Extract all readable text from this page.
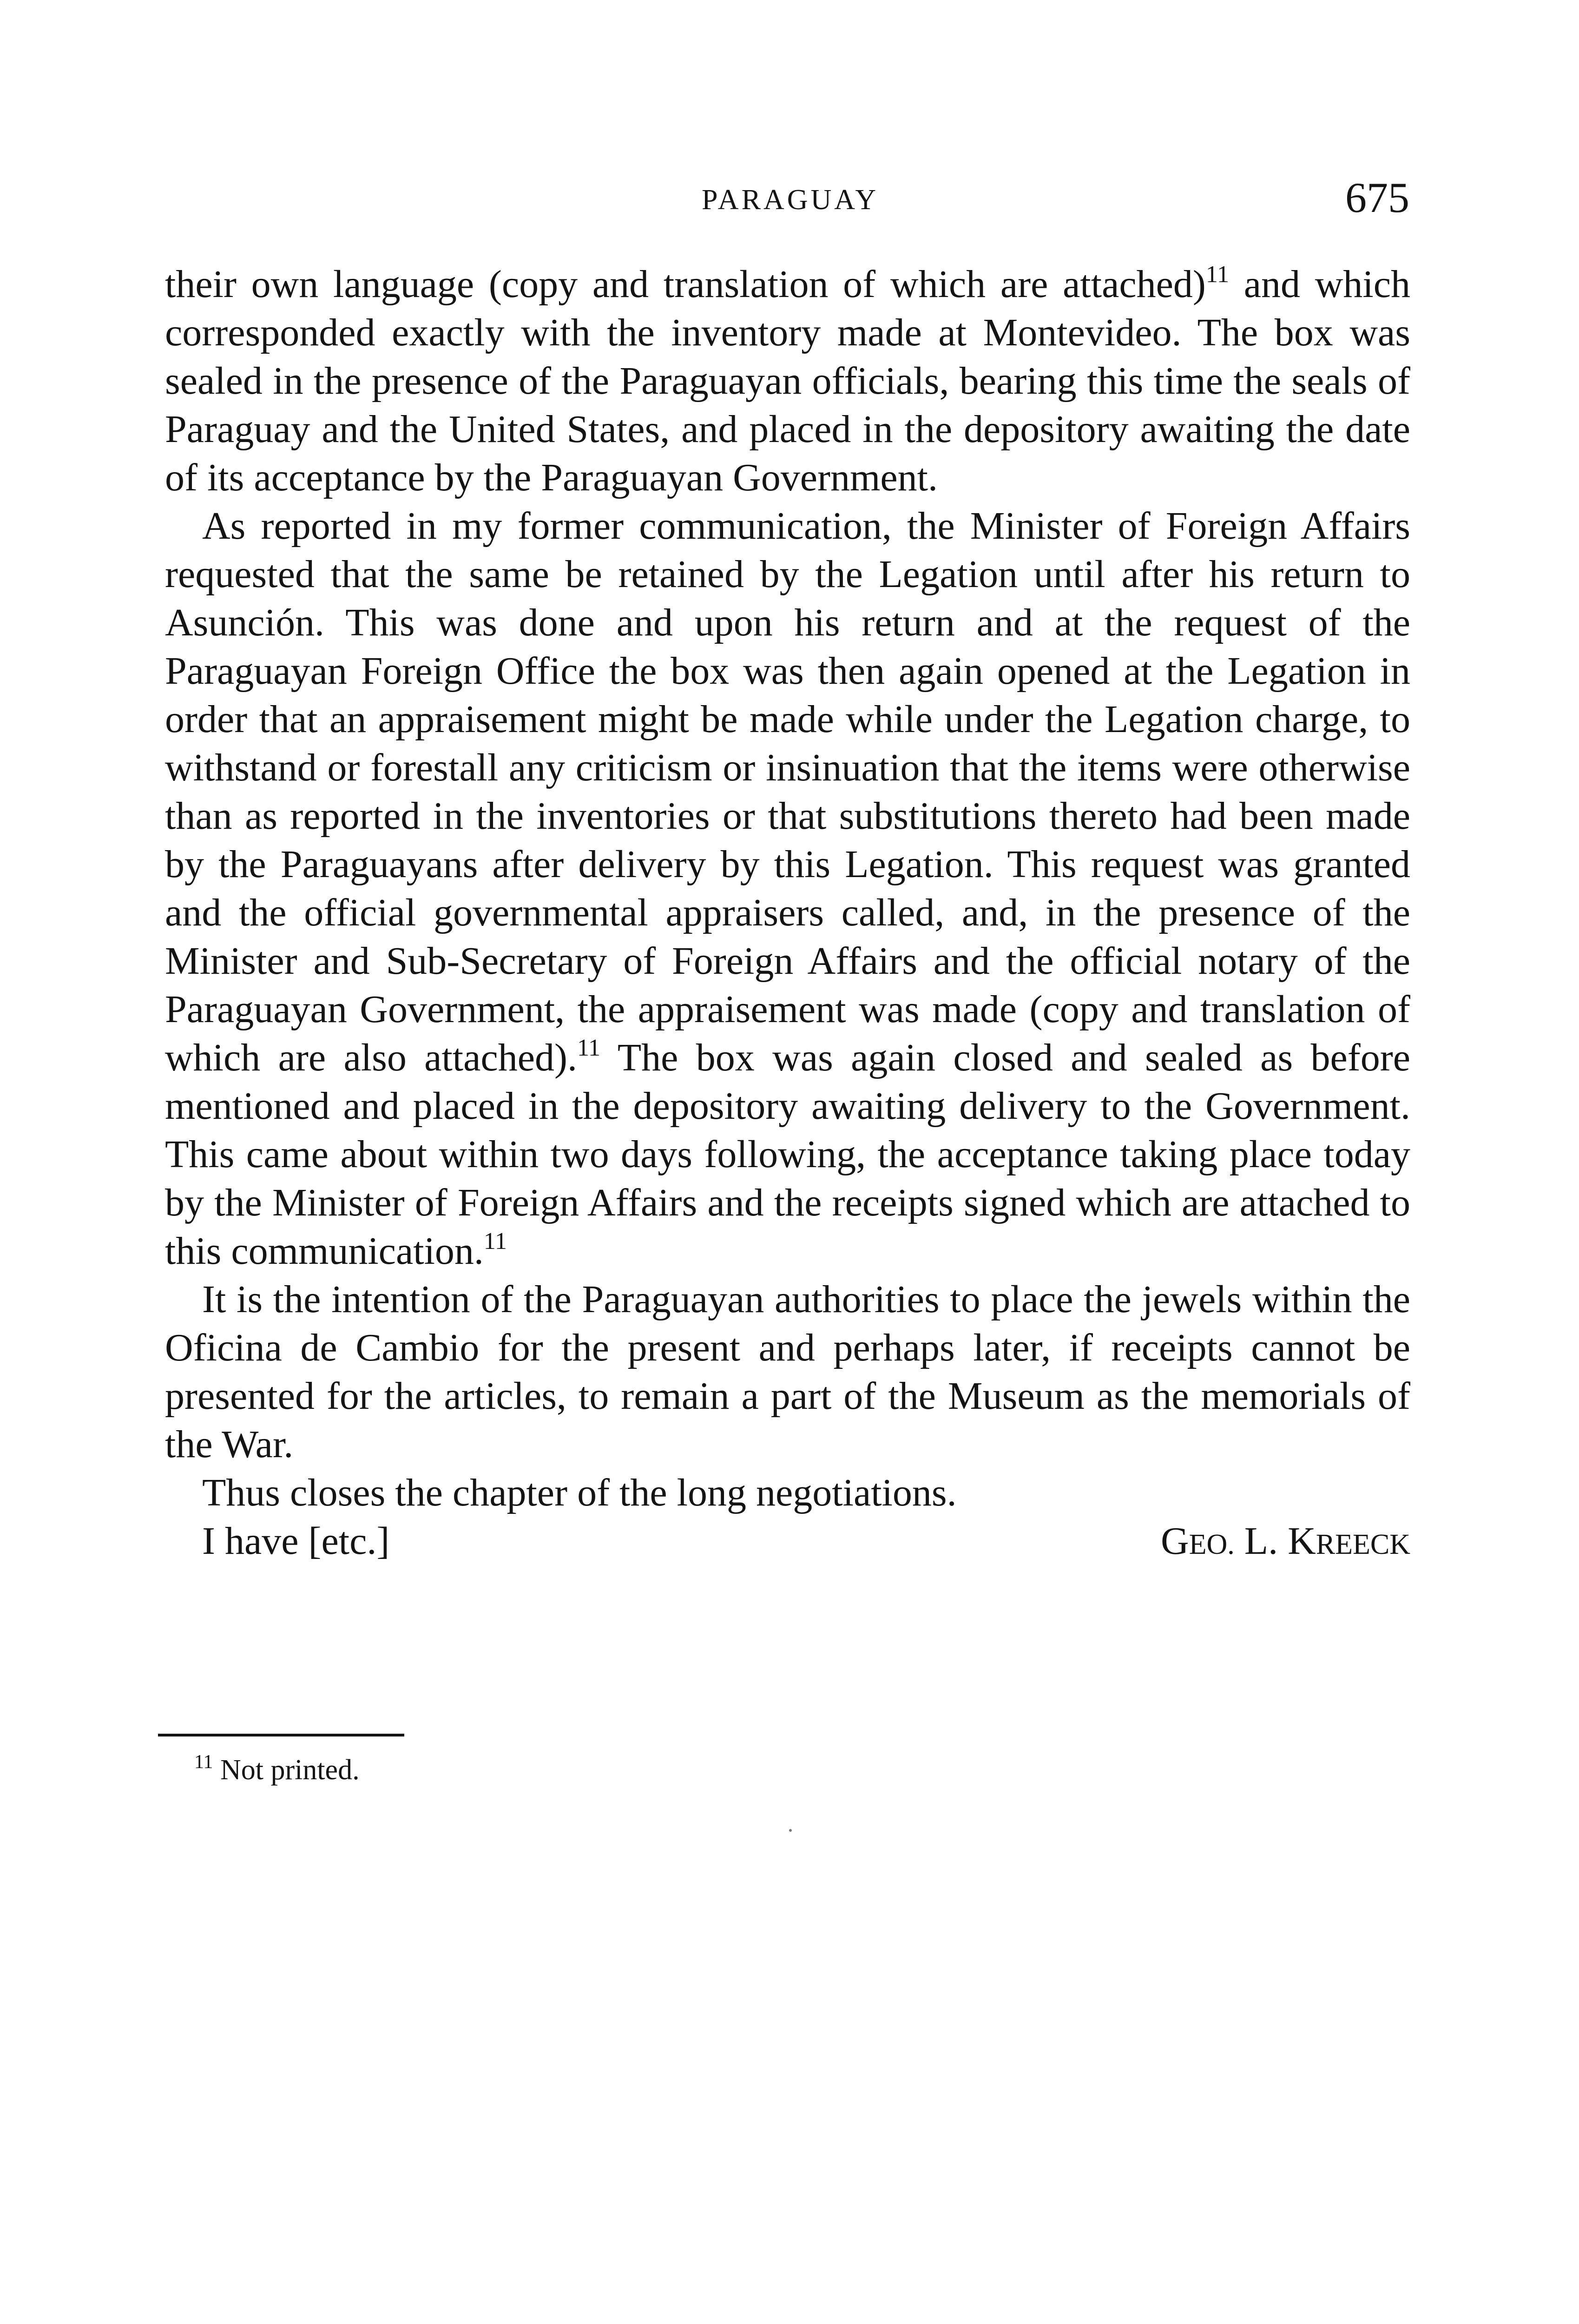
PARAGUAY	675

their own language (copy and translation of which are attached)$^{11}$ and which corresponded exactly with the inventory made at Montevideo. The box was sealed in the presence of the Paraguayan officials, bearing this time the seals of Paraguay and the United States, and placed in the depository awaiting the date of its acceptance by the Paraguayan Government.

As reported in my former communication, the Minister of Foreign Affairs requested that the same be retained by the Legation until after his return to Asunción. This was done and upon his return and at the request of the Paraguayan Foreign Office the box was then again opened at the Legation in order that an appraisement might be made while under the Legation charge, to withstand or forestall any criticism or insinuation that the items were otherwise than as reported in the inventories or that substitutions thereto had been made by the Paraguayans after delivery by this Legation. This request was granted and the official governmental appraisers called, and, in the presence of the Minister and Sub-Secretary of Foreign Affairs and the official notary of the Paraguayan Government, the appraisement was made (copy and translation of which are also attached).$^{11}$ The box was again closed and sealed as before mentioned and placed in the depository awaiting delivery to the Government. This came about within two days following, the acceptance taking place today by the Minister of Foreign Affairs and the receipts signed which are attached to this communication.$^{11}$

It is the intention of the Paraguayan authorities to place the jewels within the Oficina de Cambio for the present and perhaps later, if receipts cannot be presented for the articles, to remain a part of the Museum as the memorials of the War.

Thus closes the chapter of the long negotiations.

I have [etc.]	GEO. L. KREECK
$^{11}$ Not printed.
